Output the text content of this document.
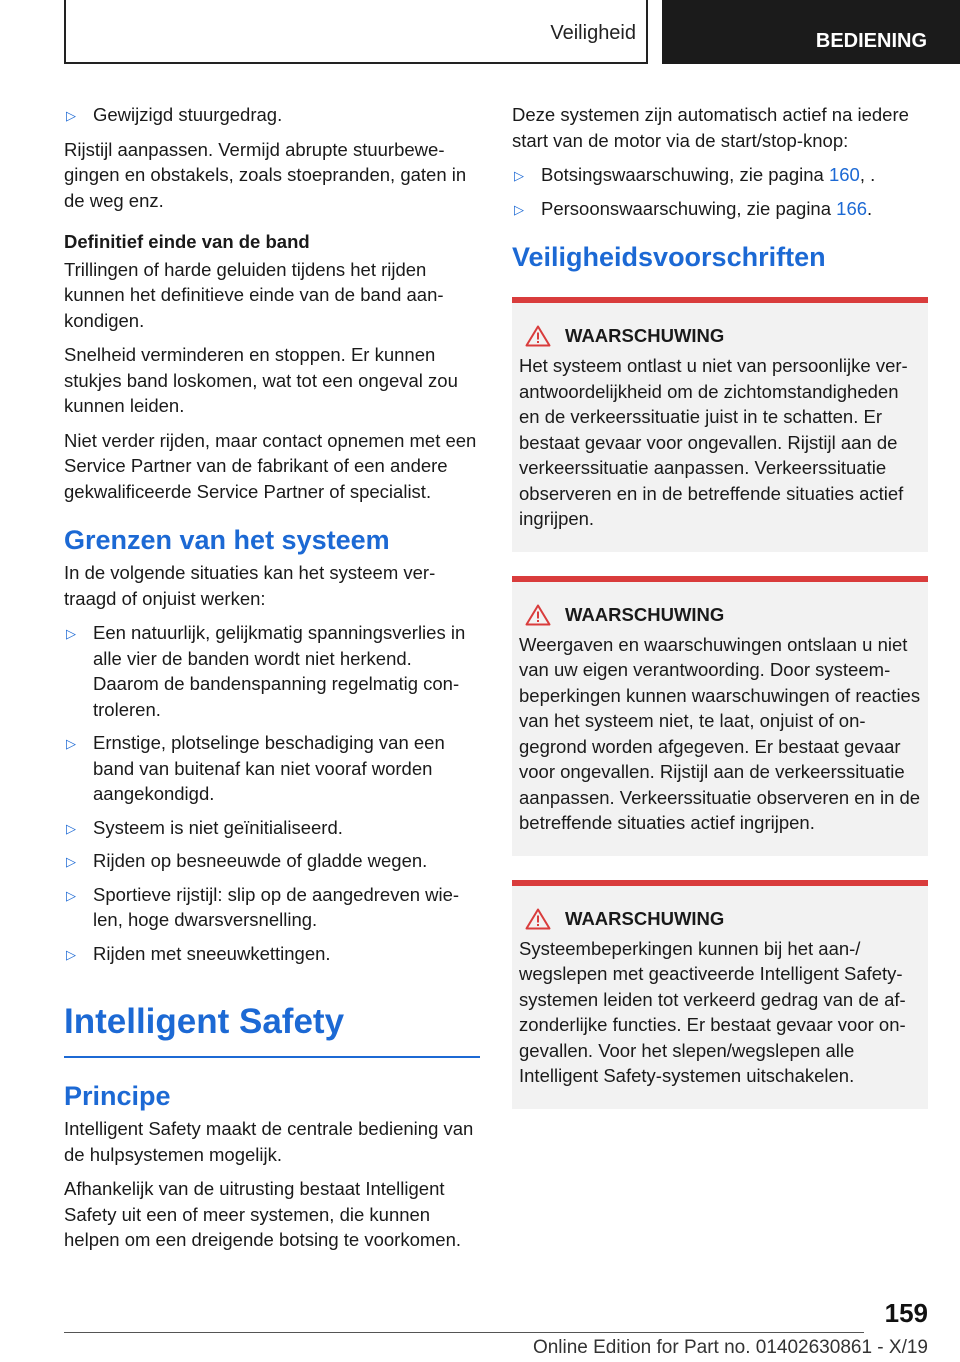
Veiligheid	BEDIENING
▷ Gewijzigd stuurgedrag.

Rijstijl aanpassen. Vermijd abrupte stuurbewegingen en obstakels, zoals stoepranden, gaten in de weg enz.

Definitief einde van de band

Trillingen of harde geluiden tijdens het rijden kunnen het definitieve einde van de band aankondigen.

Snelheid verminderen en stoppen. Er kunnen stukjes band loskomen, wat tot een ongeval zou kunnen leiden.

Niet verder rijden, maar contact opnemen met een Service Partner van de fabrikant of een andere gekwalificeerde Service Partner of specialist.

Grenzen van het systeem

In de volgende situaties kan het systeem vertraagd of onjuist werken:

▷ Een natuurlijk, gelijkmatig spanningsverlies in alle vier de banden wordt niet herkend. Daarom de bandenspanning regelmatig controleren.
▷ Ernstige, plotselinge beschadiging van een band van buitenaf kan niet vooraf worden aangekondigd.
▷ Systeem is niet geïnitialiseerd.
▷ Rijden op besneeuwde of gladde wegen.
▷ Sportieve rijstijl: slip op de aangedreven wielen, hoge dwarsversnelling.
▷ Rijden met sneeuwkettingen.
Intelligent Safety
Principe

Intelligent Safety maakt de centrale bediening van de hulpsystemen mogelijk.

Afhankelijk van de uitrusting bestaat Intelligent Safety uit een of meer systemen, die kunnen helpen om een dreigende botsing te voorkomen.

Deze systemen zijn automatisch actief na iedere start van de motor via de start/stop-knop:

▷ Botsingswaarschuwing, zie pagina 160, .
▷ Persoonswaarschuwing, zie pagina 166.
Veiligheidsvoorschriften
WAARSCHUWING

Het systeem ontlast u niet van persoonlijke verantwoordelijkheid om de zichtomstandigheden en de verkeerssituatie juist in te schatten. Er bestaat gevaar voor ongevallen. Rijstijl aan de verkeerssituatie aanpassen. Verkeerssituatie observeren en in de betreffende situaties actief ingrijpen.

WAARSCHUWING

Weergaven en waarschuwingen ontslaan u niet van uw eigen verantwoording. Door systeembeperkingen kunnen waarschuwingen of reacties van het systeem niet, te laat, onjuist of ongegrond worden afgegeven. Er bestaat gevaar voor ongevallen. Rijstijl aan de verkeerssituatie aanpassen. Verkeerssituatie observeren en in de betreffende situaties actief ingrijpen.

WAARSCHUWING

Systeembeperkingen kunnen bij het aan-/ wegslepen met geactiveerde Intelligent Safety-systemen leiden tot verkeerd gedrag van de afzonderlijke functies. Er bestaat gevaar voor ongevallen. Voor het slepen/wegslepen alle Intelligent Safety-systemen uitschakelen.

159
Online Edition for Part no. 01402630861 - X/19
